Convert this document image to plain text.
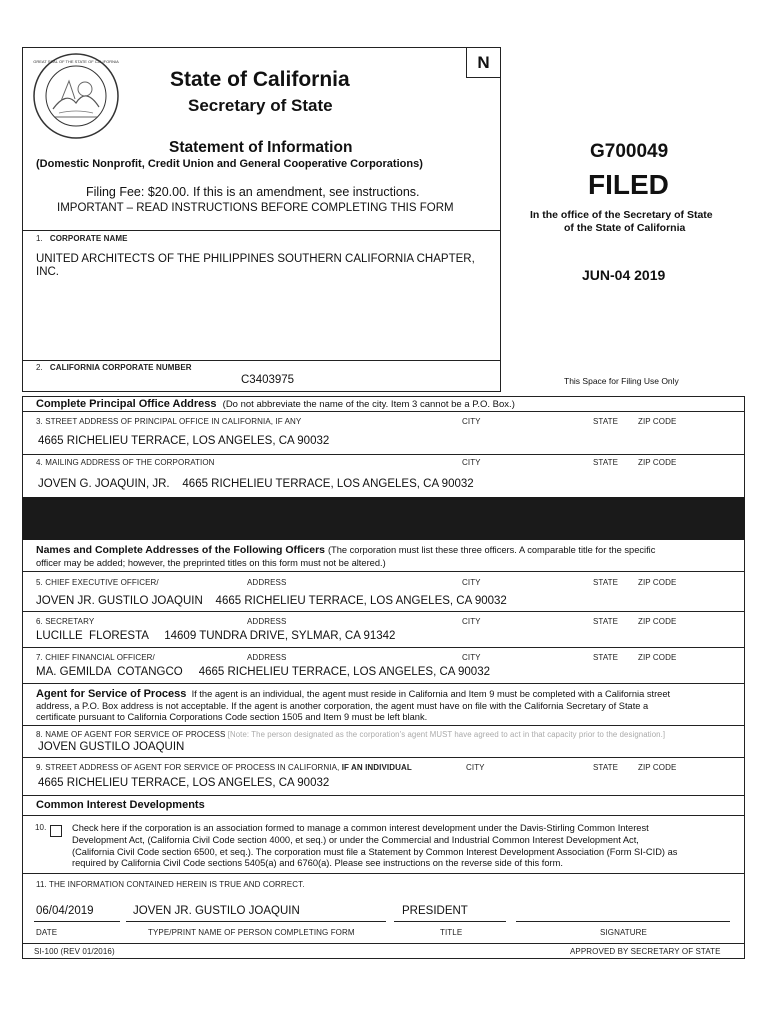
N
GREAT SEAL OF THE STATE OF CALIFORNIA
State of California
Secretary of State
Statement of Information
(Domestic Nonprofit, Credit Union and General Cooperative Corporations)
Filing Fee: $20.00. If this is an amendment, see instructions.
IMPORTANT – READ INSTRUCTIONS BEFORE COMPLETING THIS FORM
G700049
FILED
In the office of the Secretary of State
of the State of California
JUN-04 2019
This Space for Filing Use Only
1. CORPORATE NAME
UNITED ARCHITECTS OF THE PHILIPPINES SOUTHERN CALIFORNIA CHAPTER,
INC.
2. CALIFORNIA CORPORATE NUMBER
C3403975
Complete Principal Office Address (Do not abbreviate the name of the city. Item 3 cannot be a P.O. Box.)
3. STREET ADDRESS OF PRINCIPAL OFFICE IN CALIFORNIA, IF ANY	CITY	STATE ZIP CODE
4665 RICHELIEU TERRACE, LOS ANGELES, CA 90032
4. MAILING ADDRESS OF THE CORPORATION	CITY	STATE ZIP CODE
JOVEN G. JOAQUIN, JR.    4665 RICHELIEU TERRACE, LOS ANGELES, CA 90032
Names and Complete Addresses of the Following Officers (The corporation must list these three officers. A comparable title for the specific
officer may be added; however, the preprinted titles on this form must not be altered.)
5. CHIEF EXECUTIVE OFFICER/	ADDRESS	CITY	STATE ZIP CODE
JOVEN JR. GUSTILO JOAQUIN    4665 RICHELIEU TERRACE, LOS ANGELES, CA 90032
6. SECRETARY	ADDRESS	CITY	STATE ZIP CODE
LUCILLE  FLORESTA     14609 TUNDRA DRIVE, SYLMAR, CA 91342
7. CHIEF FINANCIAL OFFICER/	ADDRESS	CITY	STATE ZIP CODE
MA. GEMILDA  COTANGCO     4665 RICHELIEU TERRACE, LOS ANGELES, CA 90032
Agent for Service of Process If the agent is an individual, the agent must reside in California and Item 9 must be completed with a California street
address, a P.O. Box address is not acceptable. If the agent is another corporation, the agent must have on file with the California Secretary of State a
certificate pursuant to California Corporations Code section 1505 and Item 9 must be left blank.
8. NAME OF AGENT FOR SERVICE OF PROCESS [Note: The person designated as the corporation's agent MUST have agreed to act in that capacity prior to the designation.]
JOVEN GUSTILO JOAQUIN
9. STREET ADDRESS OF AGENT FOR SERVICE OF PROCESS IN CALIFORNIA, IF AN INDIVIDUAL	CITY	STATE ZIP CODE
4665 RICHELIEU TERRACE, LOS ANGELES, CA 90032
Common Interest Developments
10.	Check here if the corporation is an association formed to manage a common interest development under the Davis-Stirling Common Interest
Development Act, (California Civil Code section 4000, et seq.) or under the Commercial and Industrial Common Interest Development Act,
(California Civil Code section 6500, et seq.). The corporation must file a Statement by Common Interest Development Association (Form SI-CID) as
required by California Civil Code sections 5405(a) and 6760(a). Please see instructions on the reverse side of this form.
11. THE INFORMATION CONTAINED HEREIN IS TRUE AND CORRECT.
06/04/2019	JOVEN JR. GUSTILO JOAQUIN	PRESIDENT
DATE	TYPE/PRINT NAME OF PERSON COMPLETING FORM	TITLE	SIGNATURE
SI-100 (REV 01/2016)	APPROVED BY SECRETARY OF STATE
